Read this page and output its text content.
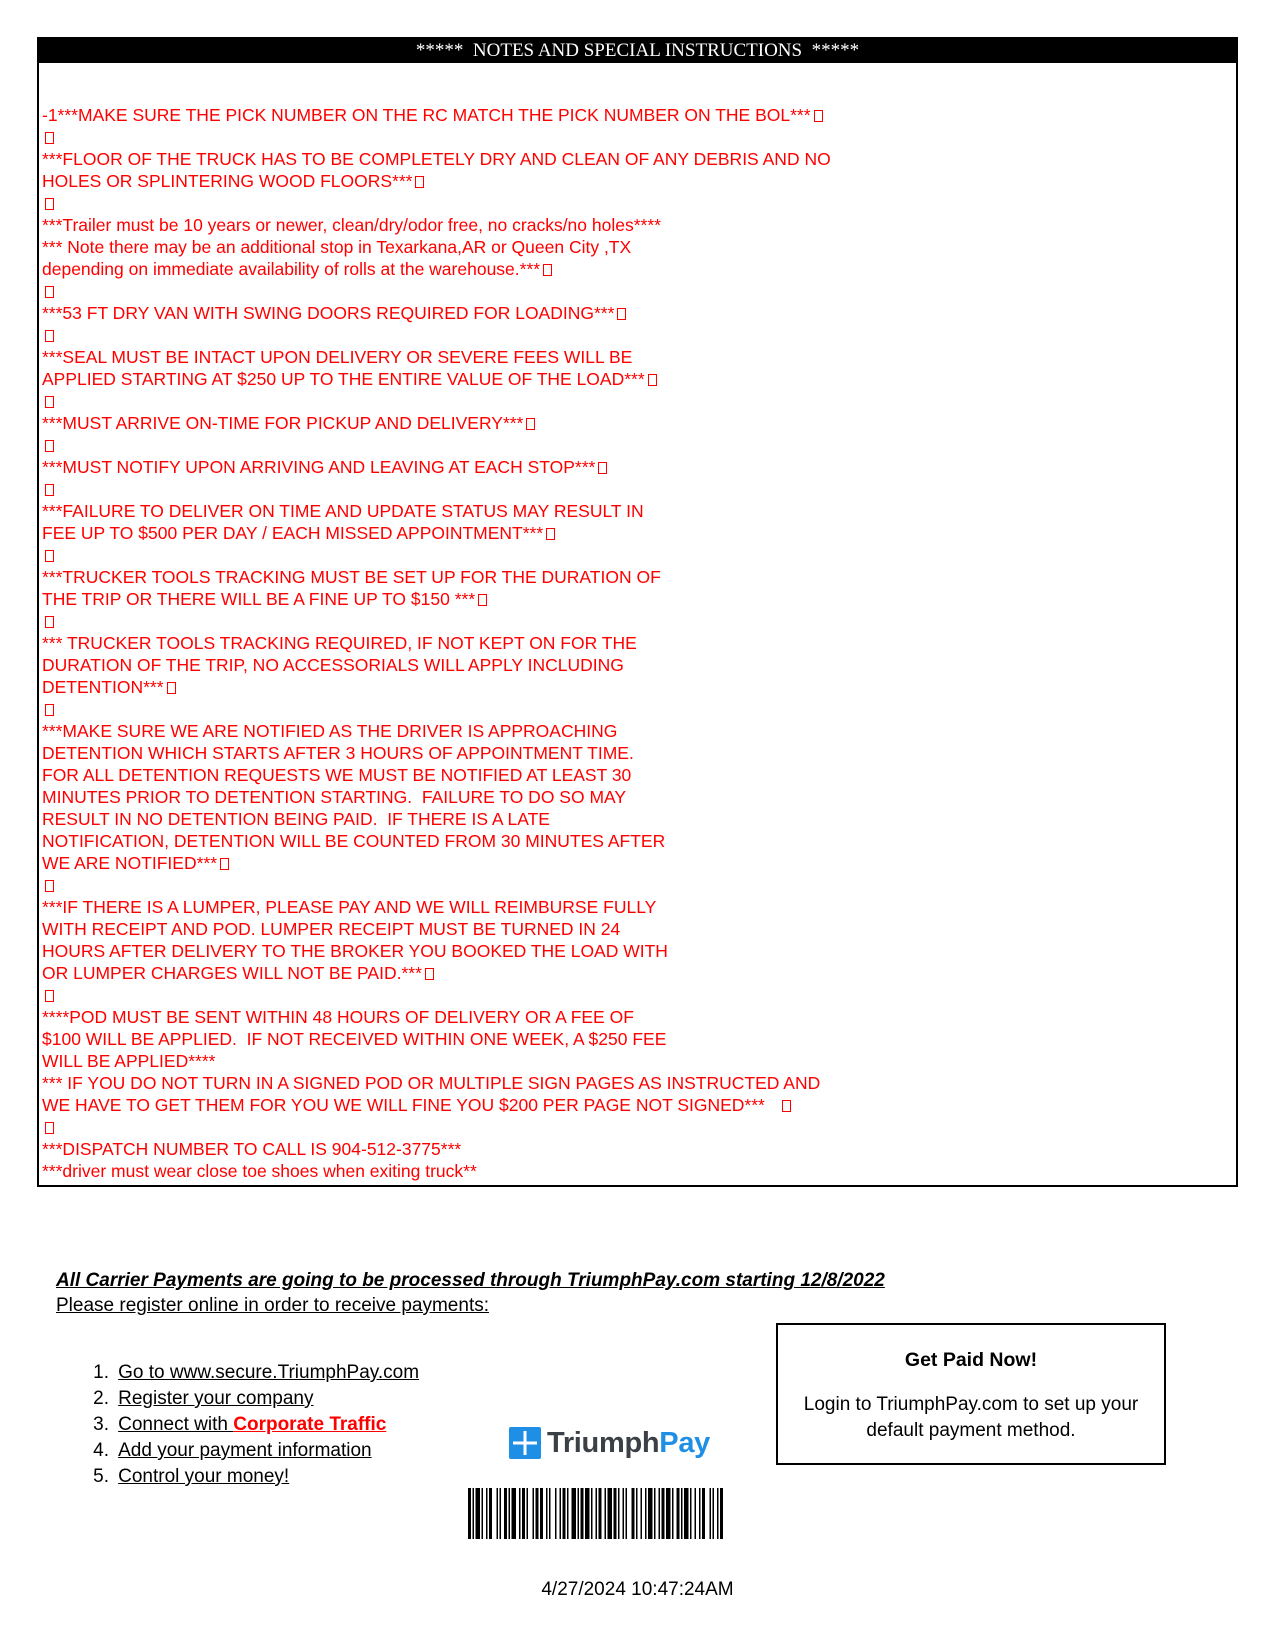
*****  NOTES AND SPECIAL INSTRUCTIONS  *****
-1***MAKE SURE THE PICK NUMBER ON THE RC MATCH THE PICK NUMBER ON THE BOL***
***FLOOR OF THE TRUCK HAS TO BE COMPLETELY DRY AND CLEAN OF ANY DEBRIS AND NO
HOLES OR SPLINTERING WOOD FLOORS***
***Trailer must be 10 years or newer, clean/dry/odor free, no cracks/no holes****
*** Note there may be an additional stop in Texarkana,AR or Queen City ,TX
depending on immediate availability of rolls at the warehouse.***
***53 FT DRY VAN WITH SWING DOORS REQUIRED FOR LOADING***
***SEAL MUST BE INTACT UPON DELIVERY OR SEVERE FEES WILL BE
APPLIED STARTING AT $250 UP TO THE ENTIRE VALUE OF THE LOAD***
***MUST ARRIVE ON-TIME FOR PICKUP AND DELIVERY***
***MUST NOTIFY UPON ARRIVING AND LEAVING AT EACH STOP***
***FAILURE TO DELIVER ON TIME AND UPDATE STATUS MAY RESULT IN
FEE UP TO $500 PER DAY / EACH MISSED APPOINTMENT***
***TRUCKER TOOLS TRACKING MUST BE SET UP FOR THE DURATION OF
THE TRIP OR THERE WILL BE A FINE UP TO $150 ***
*** TRUCKER TOOLS TRACKING REQUIRED, IF NOT KEPT ON FOR THE
DURATION OF THE TRIP, NO ACCESSORIALS WILL APPLY INCLUDING
DETENTION***
***MAKE SURE WE ARE NOTIFIED AS THE DRIVER IS APPROACHING
DETENTION WHICH STARTS AFTER 3 HOURS OF APPOINTMENT TIME.
FOR ALL DETENTION REQUESTS WE MUST BE NOTIFIED AT LEAST 30
MINUTES PRIOR TO DETENTION STARTING.  FAILURE TO DO SO MAY
RESULT IN NO DETENTION BEING PAID.  IF THERE IS A LATE
NOTIFICATION, DETENTION WILL BE COUNTED FROM 30 MINUTES AFTER
WE ARE NOTIFIED***
***IF THERE IS A LUMPER, PLEASE PAY AND WE WILL REIMBURSE FULLY
WITH RECEIPT AND POD. LUMPER RECEIPT MUST BE TURNED IN 24
HOURS AFTER DELIVERY TO THE BROKER YOU BOOKED THE LOAD WITH
OR LUMPER CHARGES WILL NOT BE PAID.***
****POD MUST BE SENT WITHIN 48 HOURS OF DELIVERY OR A FEE OF
$100 WILL BE APPLIED.  IF NOT RECEIVED WITHIN ONE WEEK, A $250 FEE
WILL BE APPLIED****
*** IF YOU DO NOT TURN IN A SIGNED POD OR MULTIPLE SIGN PAGES AS INSTRUCTED AND
WE HAVE TO GET THEM FOR YOU WE WILL FINE YOU $200 PER PAGE NOT SIGNED***
***DISPATCH NUMBER TO CALL IS 904-512-3775***
***driver must wear close toe shoes when exiting truck**
All Carrier Payments are going to be processed through TriumphPay.com starting 12/8/2022
Please register online in order to receive payments:

1. Go to www.secure.TriumphPay.com

2. Register your company

3. Connect with Corporate Traffic

4. Add your payment information

5. Control your money!

TriumphPay
Get Paid Now!
Login to TriumphPay.com to set up your default payment method.
4/27/2024 10:47:24AM
